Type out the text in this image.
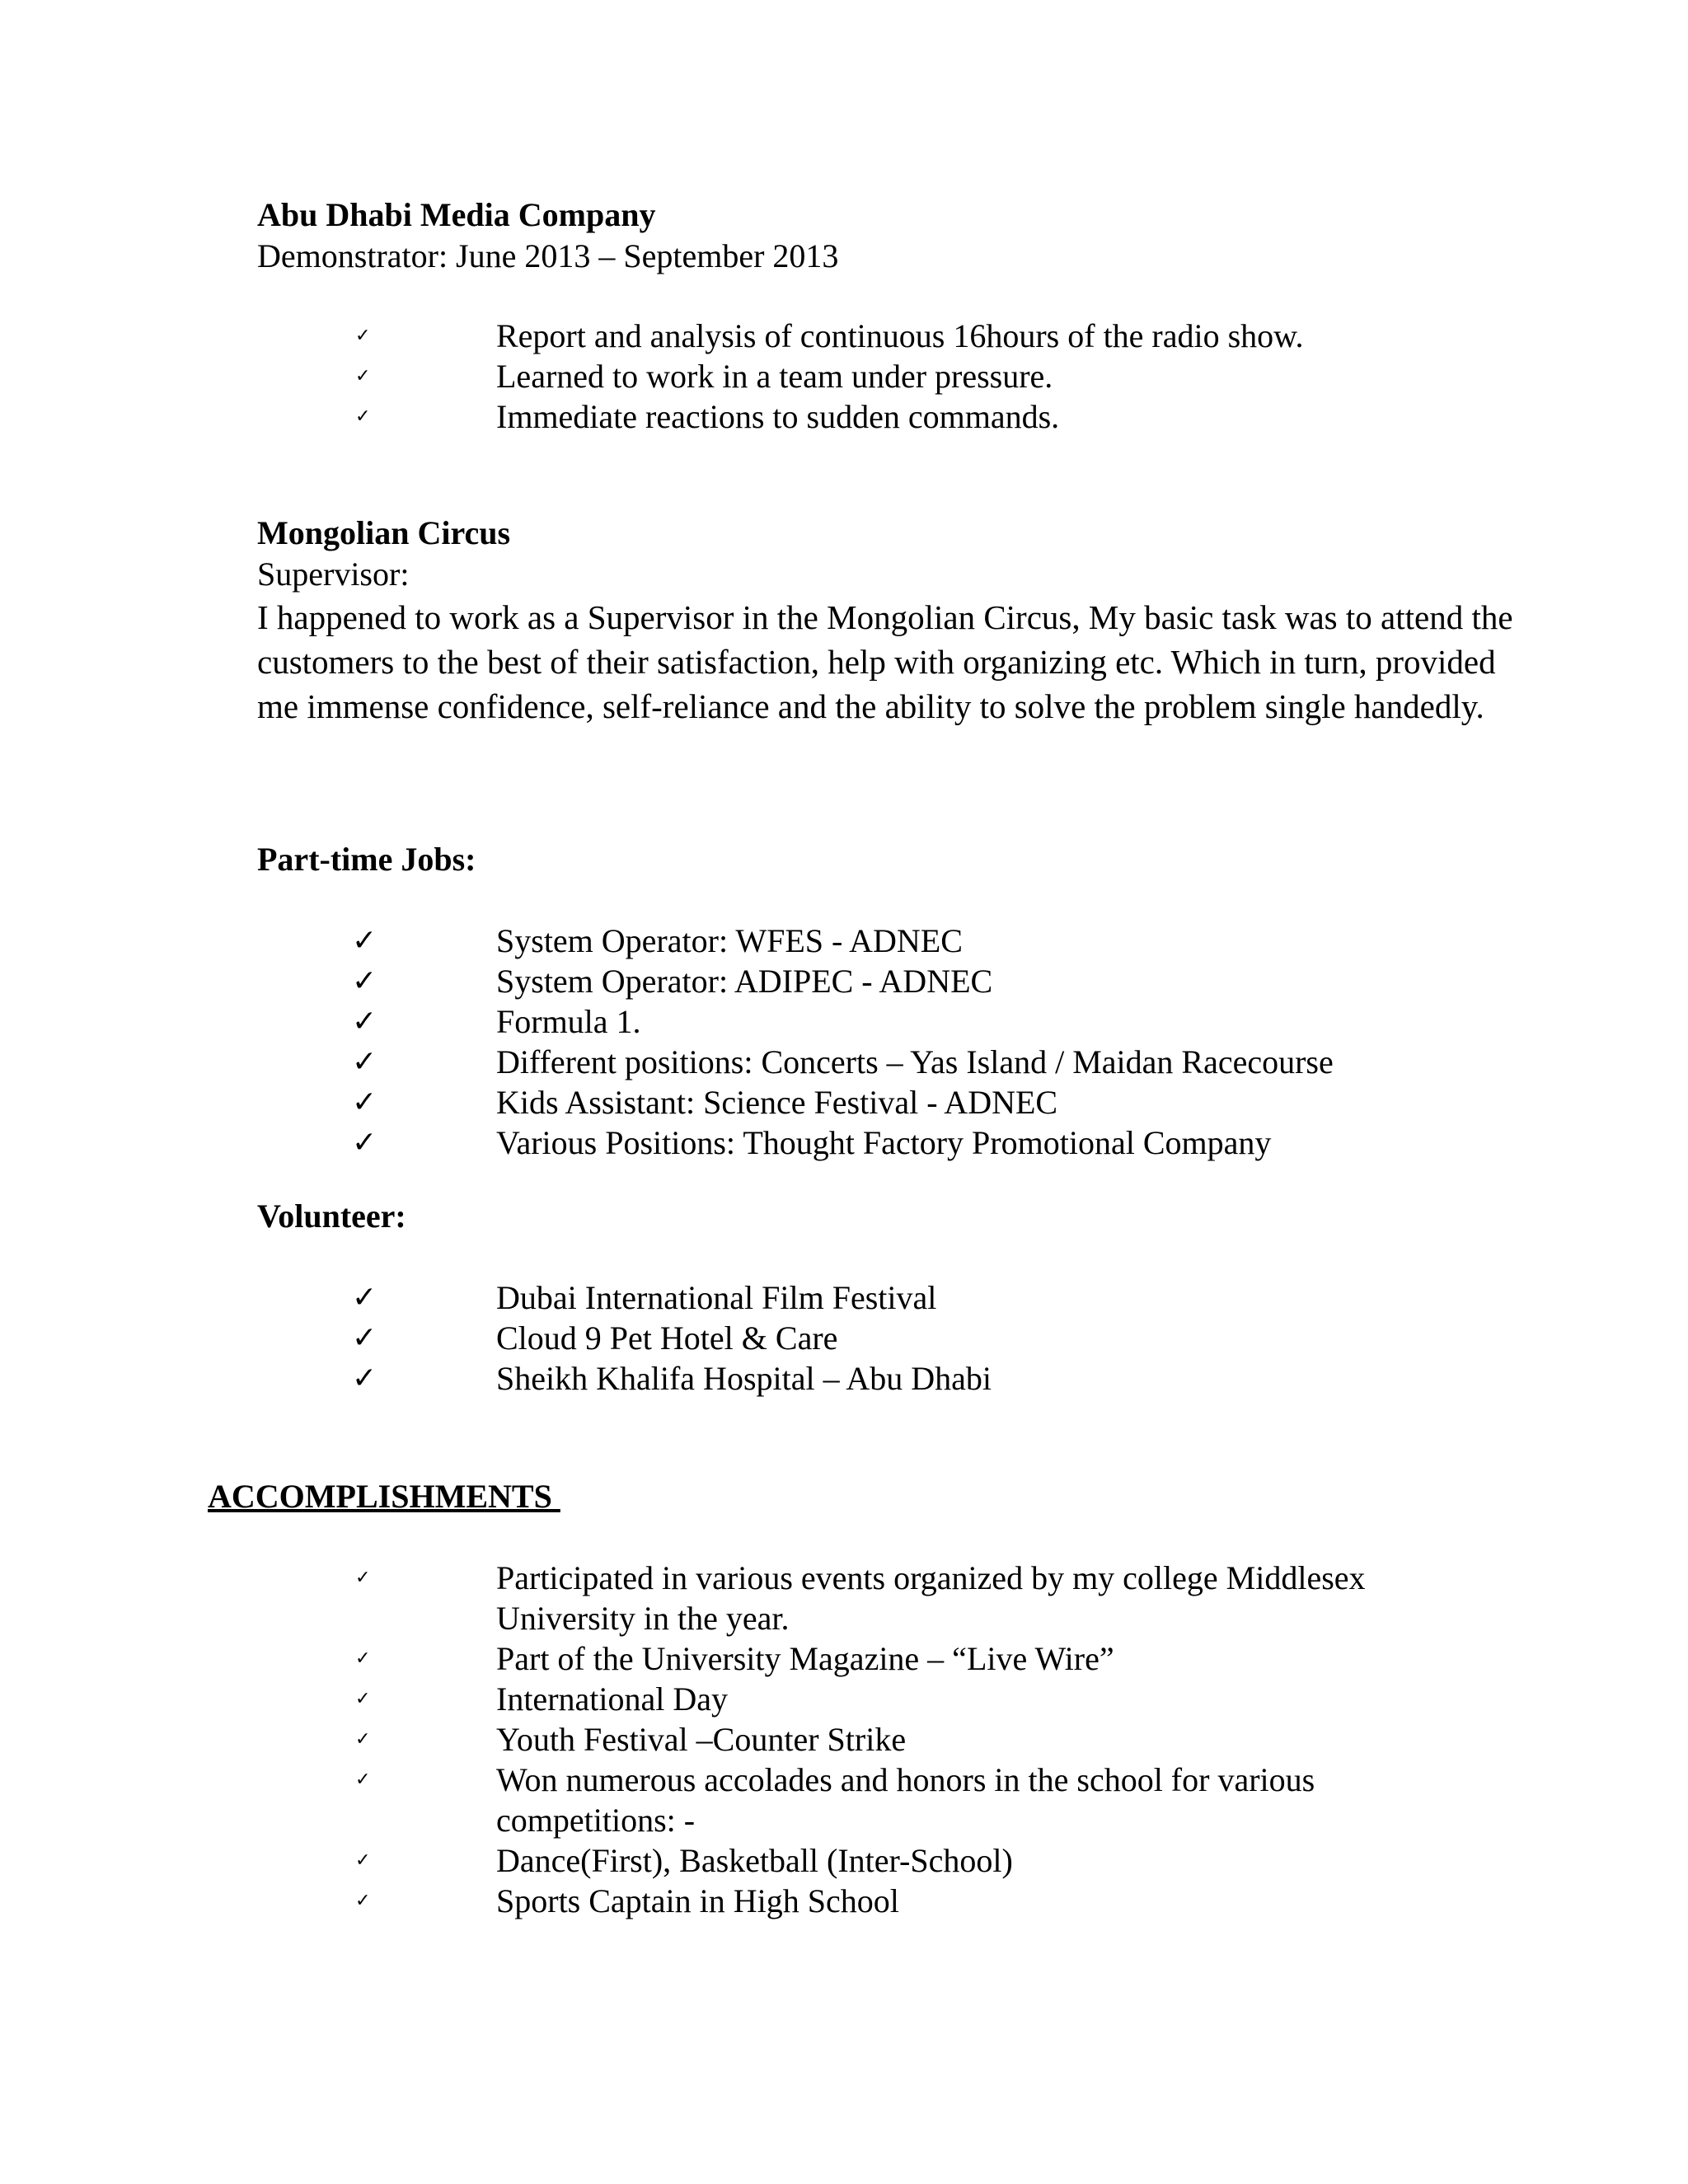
Abu Dhabi Media Company

Demonstrator: June 2013 – September 2013

✓	Report and analysis of continuous 16hours of the radio show.
✓	Learned to work in a team under pressure.
✓	Immediate reactions to sudden commands.

Mongolian Circus

Supervisor:

I happened to work as a Supervisor in the Mongolian Circus, My basic task was to attend the customers to the best of their satisfaction, help with organizing etc. Which in turn, provided me immense confidence, self-reliance and the ability to solve the problem single handedly.

Part-time Jobs:

✓	System Operator: WFES - ADNEC
✓	System Operator: ADIPEC - ADNEC
✓	Formula 1.
✓	Different positions: Concerts – Yas Island / Maidan Racecourse
✓	Kids Assistant: Science Festival - ADNEC
✓	Various Positions: Thought Factory Promotional Company

Volunteer:

✓	Dubai International Film Festival
✓	Cloud 9 Pet Hotel & Care
✓	Sheikh Khalifa Hospital – Abu Dhabi

ACCOMPLISHMENTS

✓	Participated in various events organized by my college Middlesex University in the year.
✓	Part of the University Magazine – “Live Wire”
✓	International Day
✓	Youth Festival –Counter Strike
✓	Won numerous accolades and honors in the school for various competitions: -
✓	Dance(First), Basketball (Inter-School)
✓	Sports Captain in High School
